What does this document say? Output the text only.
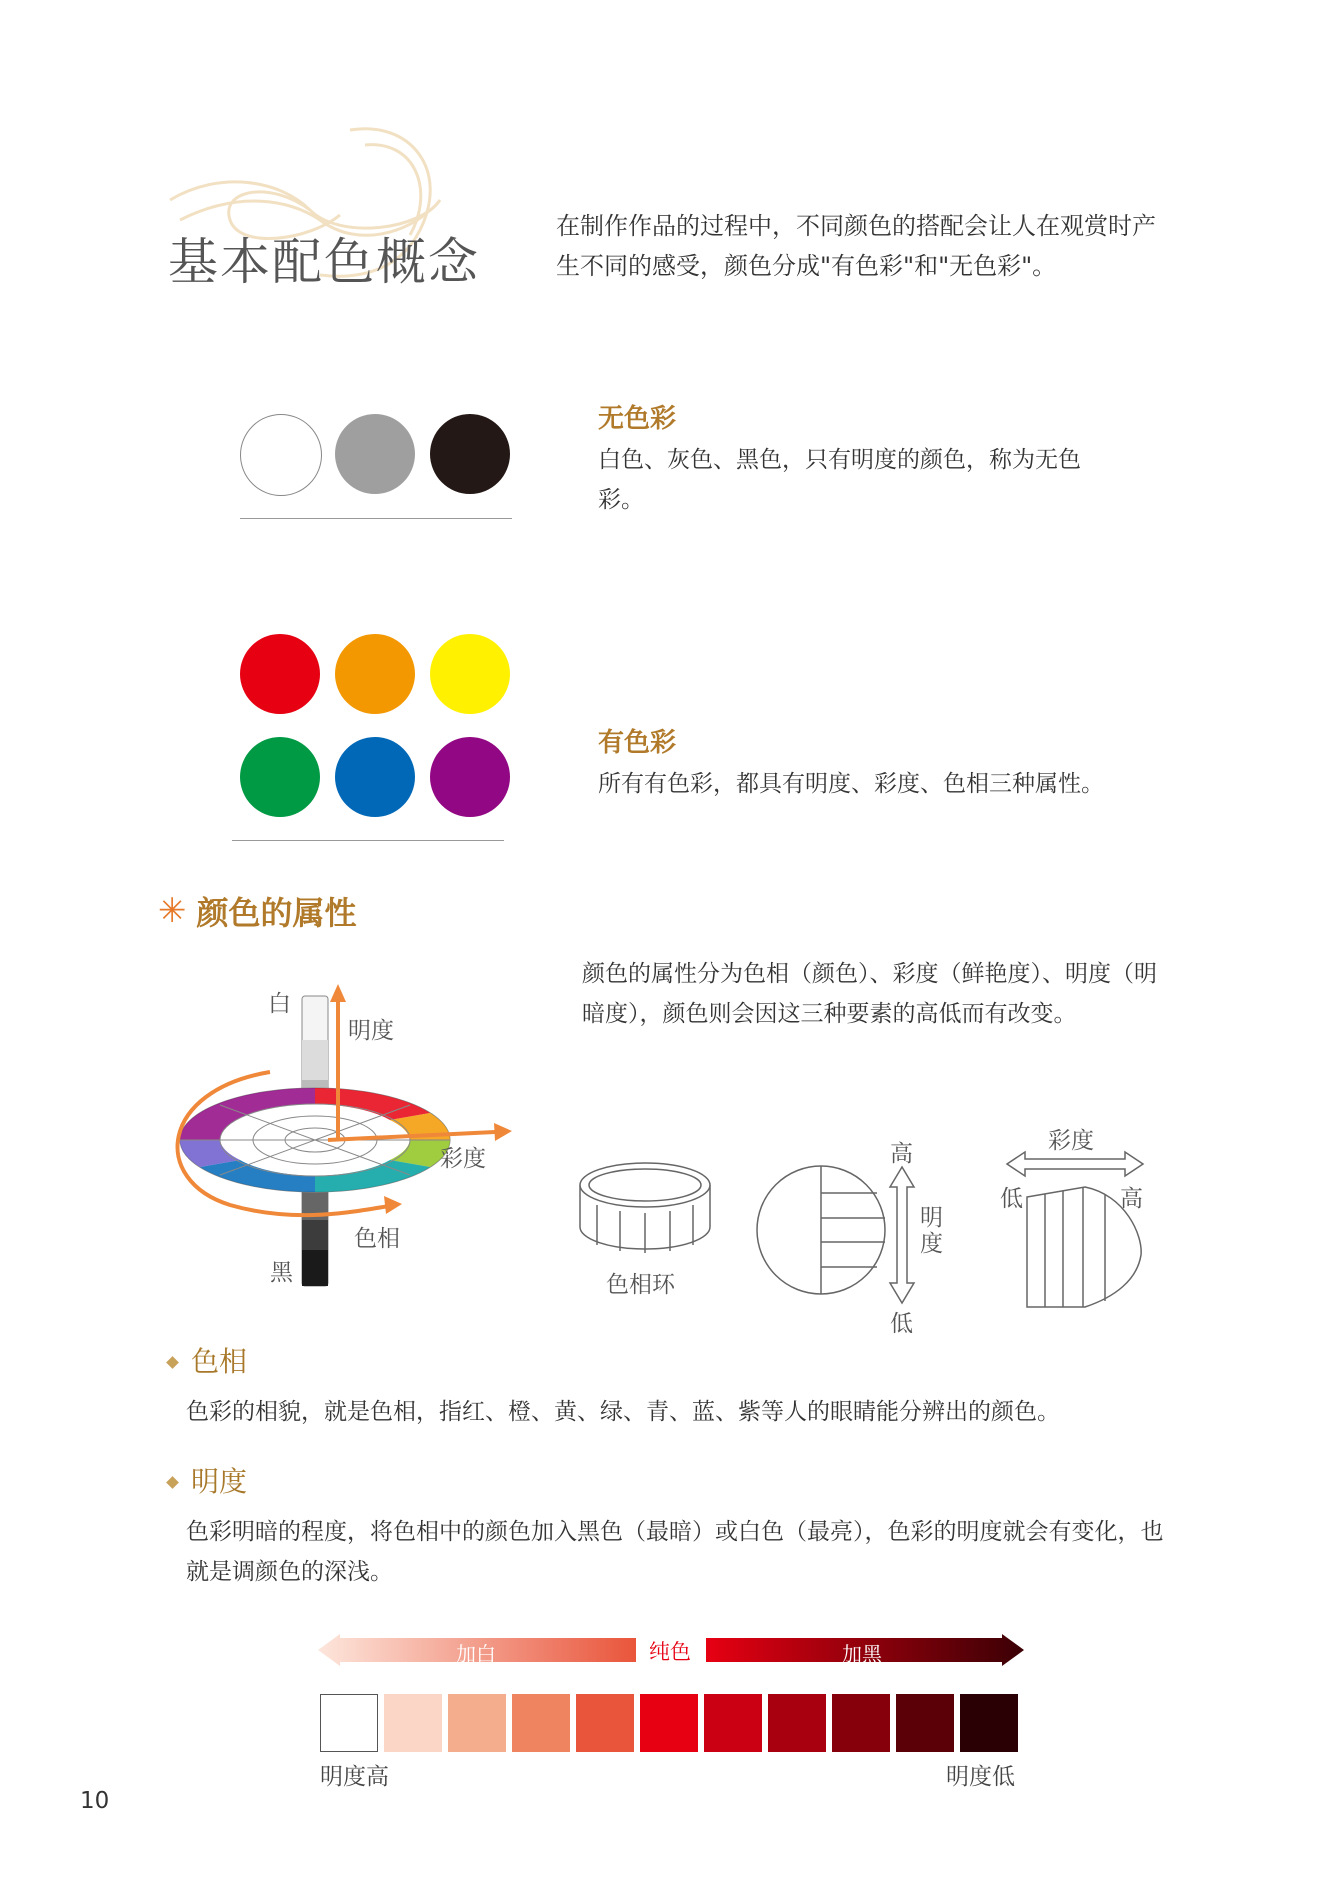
基本配色概念
在制作作品的过程中，不同颜色的搭配会让人在观赏时产生不同的感受，颜色分成"有色彩"和"无色彩"。
无色彩
白色、灰色、黑色，只有明度的颜色，称为无色彩。
有色彩
所有有色彩，都具有明度、彩度、色相三种属性。
✳ 颜色的属性
颜色的属性分为色相（颜色）、彩度（鲜艳度）、明度（明暗度），颜色则会因这三种要素的高低而有改变。
白
明度
彩度
色相
黑	色相环
高
明度
低
彩度
低	高
色相
色彩的相貌，就是色相，指红、橙、黄、绿、青、蓝、紫等人的眼睛能分辨出的颜色。
明度
色彩明暗的程度，将色相中的颜色加入黑色（最暗）或白色（最亮），色彩的明度就会有变化，也就是调颜色的深浅。
加白	纯色	加黑
明度高	明度低
10
